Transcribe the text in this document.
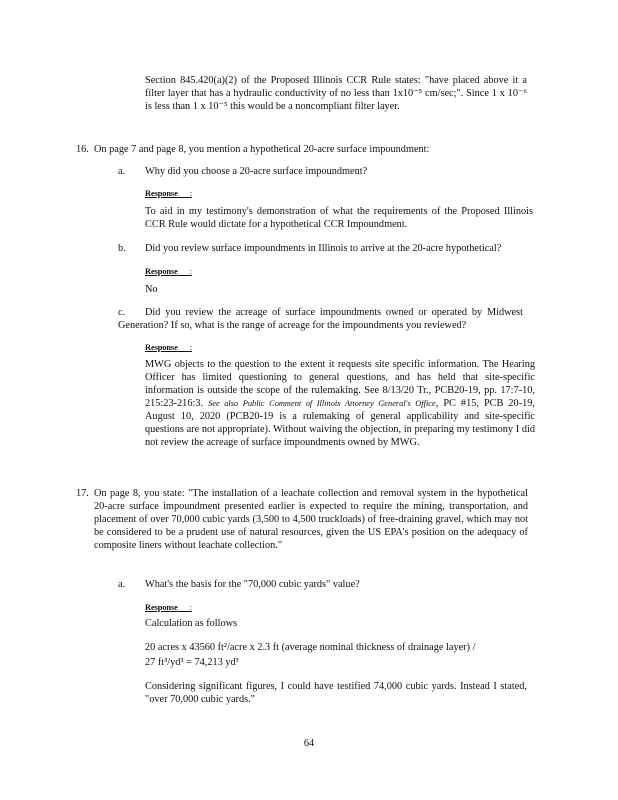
Section 845.420(a)(2) of the Proposed Illinois CCR Rule states: "have placed above it a filter layer that has a hydraulic conductivity of no less than 1x10⁻⁵ cm/sec;". Since 1 x 10⁻⁶ is less than 1 x 10⁻⁵ this would be a noncompliant filter layer.

16. On page 7 and page 8, you mention a hypothetical 20-acre surface impoundment:

a. Why did you choose a 20-acre surface impoundment?

Response :

To aid in my testimony's demonstration of what the requirements of the Proposed Illinois CCR Rule would dictate for a hypothetical CCR Impoundment.

b. Did you review surface impoundments in Illinois to arrive at the 20-acre hypothetical?

Response :

No

c.	Did you review the acreage of surface impoundments owned or operated by Midwest Generation? If so, what is the range of acreage for the impoundments you reviewed?

Response :

MWG objects to the question to the extent it requests site specific information. The Hearing Officer has limited questioning to general questions, and has held that site-specific information is outside the scope of the rulemaking. See 8/13/20 Tr., PCB20-19, pp. 17:7-10, 215:23-216:3. See also Public Comment of Illinois Attorney General's Office, PC #15, PCB 20-19, August 10, 2020 (PCB20-19 is a rulemaking of general applicability and site-specific questions are not appropriate). Without waiving the objection, in preparing my testimony I did not review the acreage of surface impoundments owned by MWG.

17. On page 8, you state: "The installation of a leachate collection and removal system in the hypothetical 20-acre surface impoundment presented earlier is expected to require the mining, transportation, and placement of over 70,000 cubic yards (3,500 to 4,500 truckloads) of free-draining gravel, which may not be considered to be a prudent use of natural resources, given the US EPA's position on the adequacy of composite liners without leachate collection."

a. What's the basis for the "70,000 cubic yards" value?

Response :

Calculation as follows

20 acres x 43560 ft²/acre x 2.3 ft (average nominal thickness of drainage layer) /

27 ft³/yd³ = 74,213 yd³

Considering significant figures, I could have testified 74,000 cubic yards. Instead I stated, "over 70,000 cubic yards."

64
